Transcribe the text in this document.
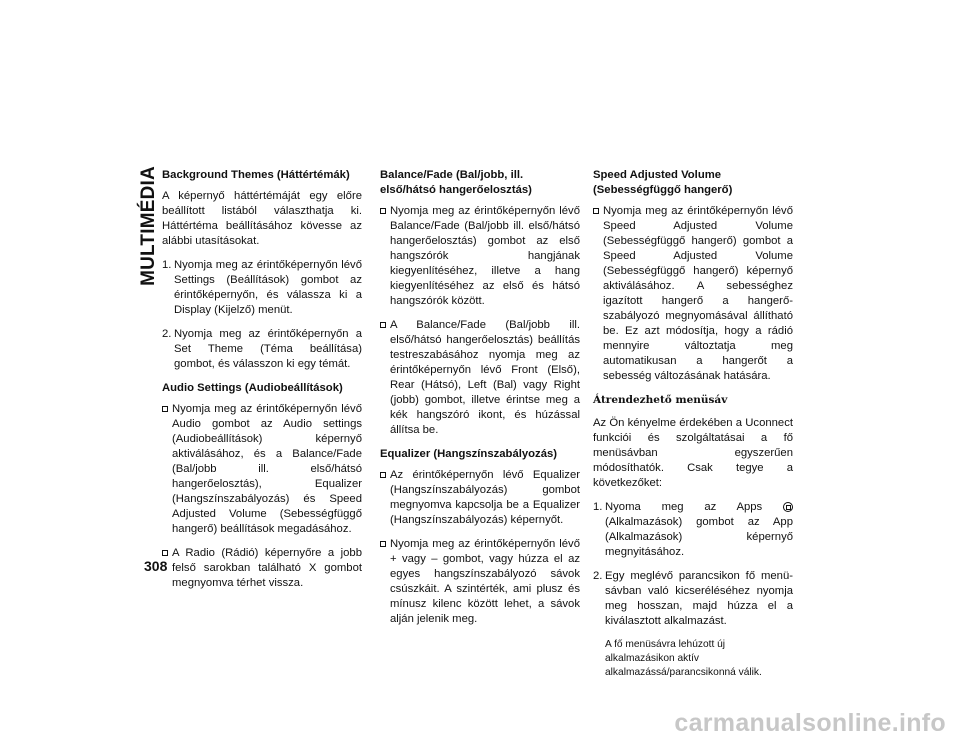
MULTIMÉDIA Background Themes (Háttértémák)

A képernyő háttértémáját egy előre beállított listából választhatja ki. Háttértéma beállításához kövesse az alábbi utasításokat.

1. Nyomja meg az érintőképernyőn lévő Settings (Beállítások) gombot az érintőképernyőn, és válassza ki a Display (Kijelző) menüt.
2. Nyomja meg az érintőképernyőn a Set Theme (Téma beállítása) gombot, és válasszon ki egy témát.
Audio Settings (Audiobeállítások)
Nyomja meg az érintőképernyőn lévő Audio gombot az Audio settings (Audiobeállítások) képernyő aktiválásához, és a Balance/Fade (Bal/jobb ill. első/hátsó hangerőelosztás), Equalizer (Hangszínszabályozás) és Speed Adjusted Volume (Sebességfüggő hangerő) beállítások megadásához.
A Radio (Rádió) képernyőre a jobb felső sarokban található X gombot megnyomva térhet vissza.
Balance/Fade (Bal/jobb, ill. első/hátsó hangerőelosztás)
Nyomja meg az érintőképernyőn lévő Balance/Fade (Bal/jobb ill. első/hátsó hangerőelosztás) gombot az első hangszórók hangjának kiegyenlítéséhez, illetve a hang kiegyenlítéséhez az első és hátsó hangszórók között.
A Balance/Fade (Bal/jobb ill. első/hátsó hangerőelosztás) beállítás testreszabásához nyomja meg az érintőképernyőn lévő Front (Első), Rear (Hátsó), Left (Bal) vagy Right (jobb) gombot, illetve érintse meg a kék hangszóró ikont, és húzással állítsa be.
Equalizer (Hangszínszabályozás)
Az érintőképernyőn lévő Equalizer (Hangszínszabályozás) gombot megnyomva kapcsolja be a Equalizer (Hangszínszabályozás) képernyőt.
Nyomja meg az érintőképernyőn lévő + vagy – gombot, vagy húzza el az egyes hangszínszabályozó sávok csúszkáit. A szintérték, ami plusz és mínusz kilenc között lehet, a sávok alján jelenik meg.
Speed Adjusted Volume (Sebességfüggő hangerő)
Nyomja meg az érintőképernyőn lévő Speed Adjusted Volume (Sebességfüggő hangerő) gombot a Speed Adjusted Volume (Sebességfüggő hangerő) képernyő aktiválásához. A sebességhez igazított hangerő a hangerő-szabályozó megnyomásával állítható be. Ez azt módosítja, hogy a rádió mennyire változtatja meg automatikusan a hangerőt a sebesség változásának hatására.
Átrendezhető menüsáv

Az Ön kényelme érdekében a Uconnect funkciói és szolgáltatásai a fő menüsávban egyszerűen módosíthatók. Csak tegye a következőket:

1. Nyoma meg az Apps  (Alkalmazások) gombot az App (Alkalmazások) képernyő megnyitásához.
2. Egy meglévő parancsikon fő menüsávban való kicseréléséhez nyomja meg hosszan, majd húzza el a kiválasztott alkalmazást.

A fő menüsávra lehúzott új alkalmazásikon aktív alkalmazássá/parancsikonná válik.

308
carmanualsonline.info
